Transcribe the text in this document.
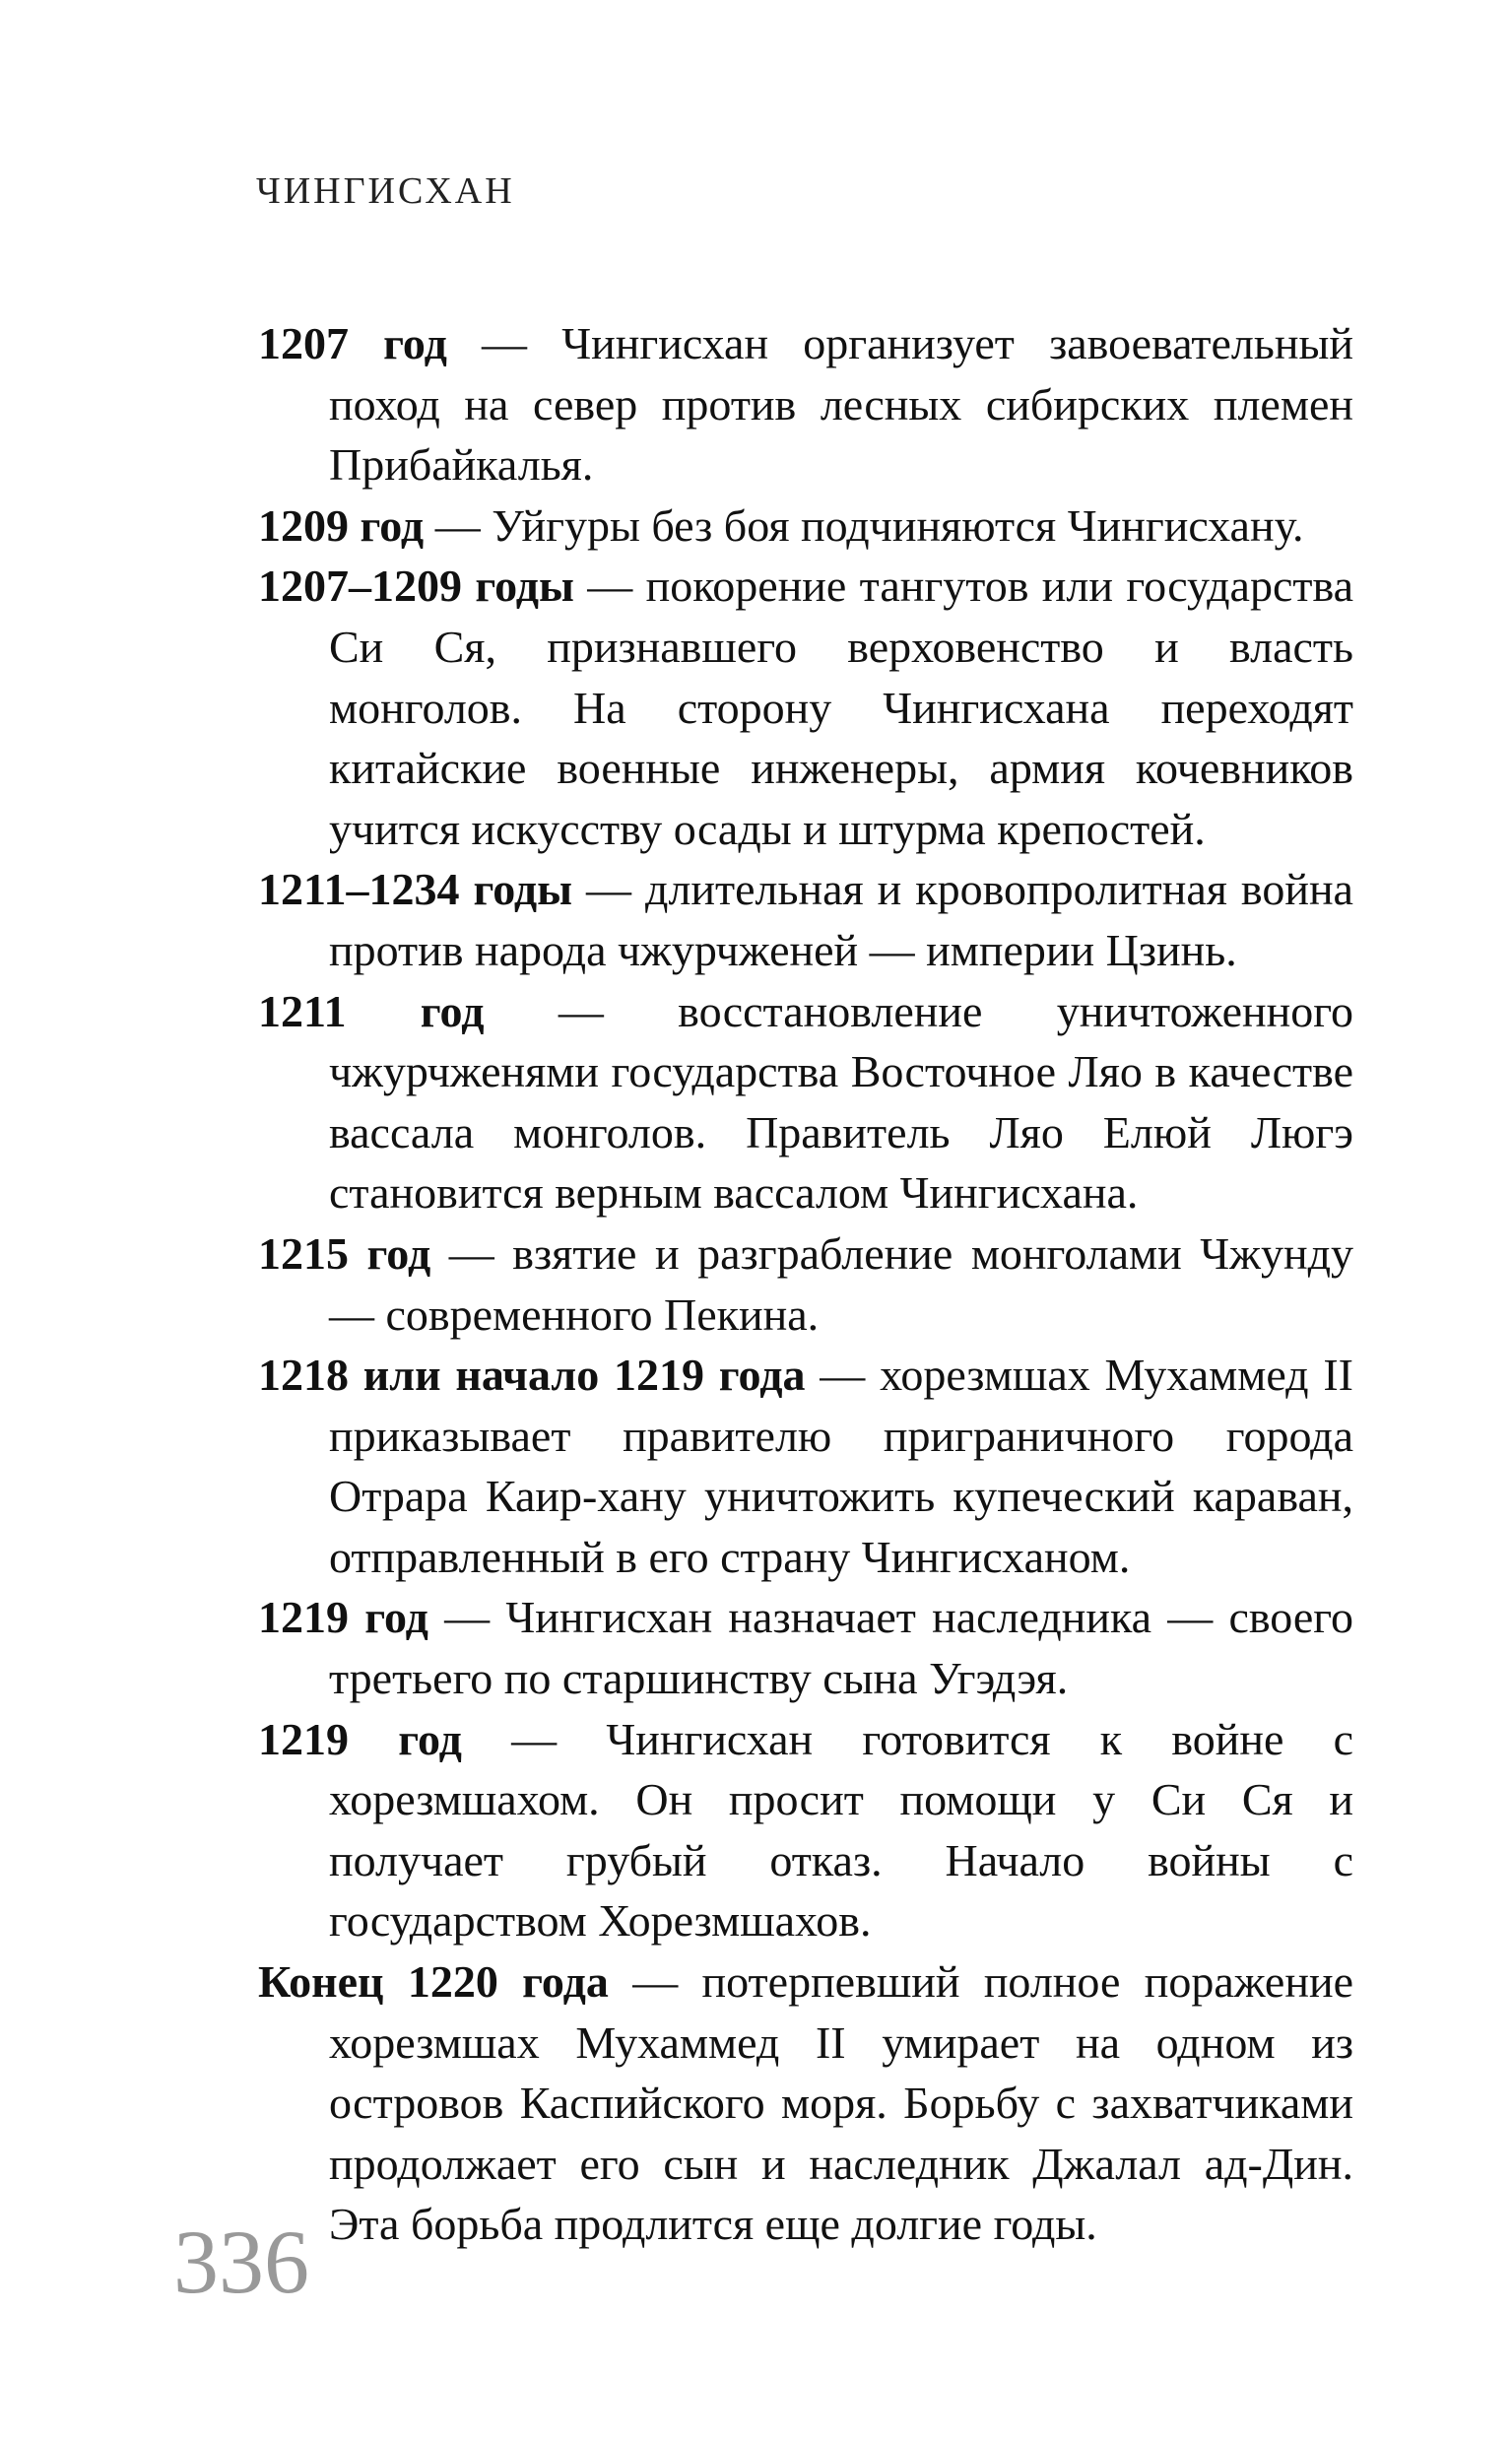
ЧИНГИСХАН

1207 год — Чингисхан организует завоевательный поход на север против лесных сибирских племен Прибайкалья.

1209 год — Уйгуры без боя подчиняются Чингисхану.

1207–1209 годы — покорение тангутов или государства Си Ся, признавшего верховенство и власть монголов. На сторону Чингисхана переходят китайские военные инженеры, армия кочевников учится искусству осады и штурма крепостей.

1211–1234 годы — длительная и кровопролитная война против народа чжурчженей — империи Цзинь.

1211 год — восстановление уничтоженного чжурчженями государства Восточное Ляо в качестве вассала монголов. Правитель Ляо Елюй Люгэ становится верным вассалом Чингисхана.

1215 год — взятие и разграбление монголами Чжунду — современного Пекина.

1218 или начало 1219 года — хорезмшах Мухаммед II приказывает правителю приграничного города Отрара Каир-хану уничтожить купеческий караван, отправленный в его страну Чингисханом.

1219 год — Чингисхан назначает наследника — своего третьего по старшинству сына Угэдэя.

1219 год — Чингисхан готовится к войне с хорезмшахом. Он просит помощи у Си Ся и получает грубый отказ. Начало войны с государством Хорезмшахов.

Конец 1220 года — потерпевший полное поражение хорезмшах Мухаммед II умирает на одном из островов Каспийского моря. Борьбу с захватчиками продолжает его сын и наследник Джалал ад-Дин. Эта борьба продлится еще долгие годы.

336
